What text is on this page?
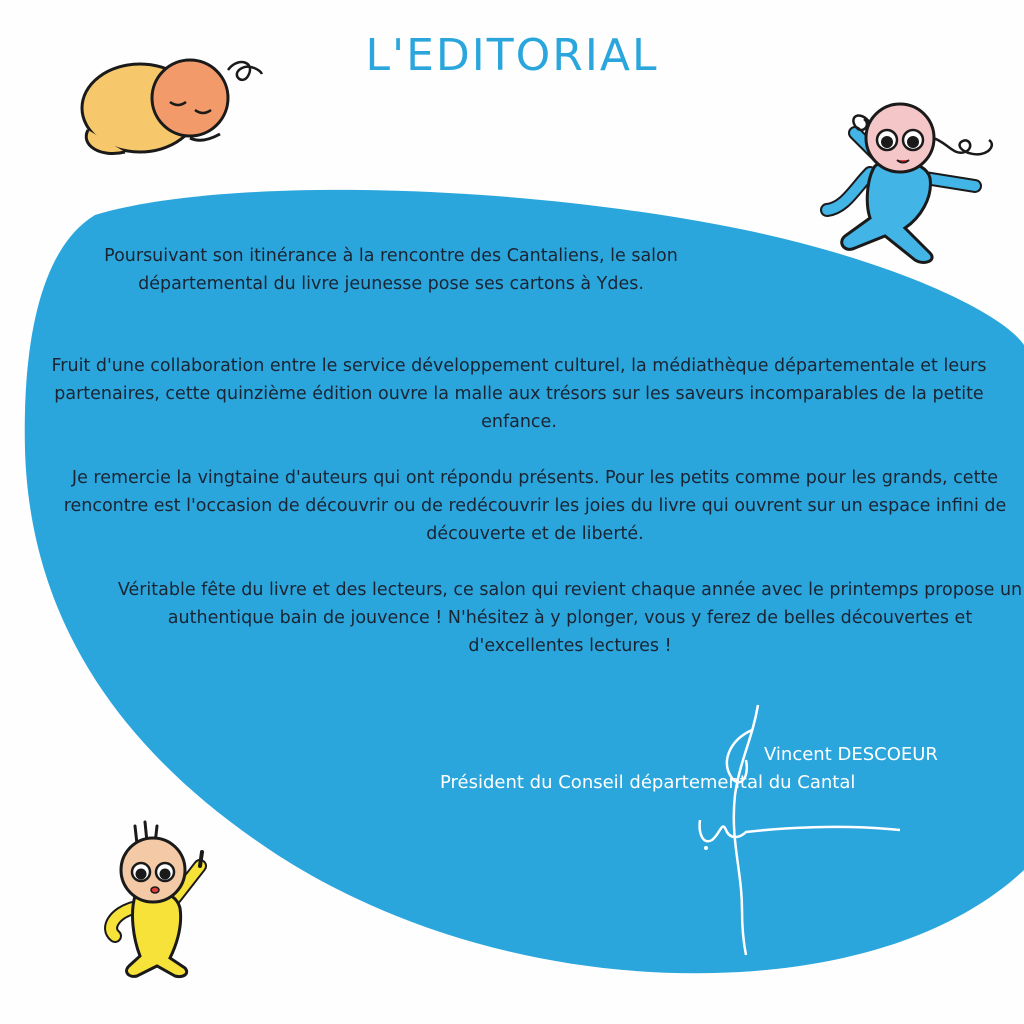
L'EDITORIAL

Poursuivant son itinérance à la rencontre des Cantaliens, le salon départemental du livre jeunesse pose ses cartons à Ydes.

Fruit d'une collaboration entre le service développement culturel, la médiathèque départementale et leurs partenaires, cette quinzième édition ouvre la malle aux trésors sur les saveurs incomparables de la petite enfance.

Je remercie la vingtaine d'auteurs qui ont répondu présents. Pour les petits comme pour les grands, cette rencontre est l'occasion de découvrir ou de redécouvrir les joies du livre qui ouvrent sur un espace infini de découverte et de liberté.

Véritable fête du livre et des lecteurs, ce salon qui revient chaque année avec le printemps propose un authentique bain de jouvence ! N'hésitez à y plonger, vous y ferez de belles découvertes et d'excellentes lectures !

Vincent DESCOEUR

Président du Conseil départemental du Cantal
